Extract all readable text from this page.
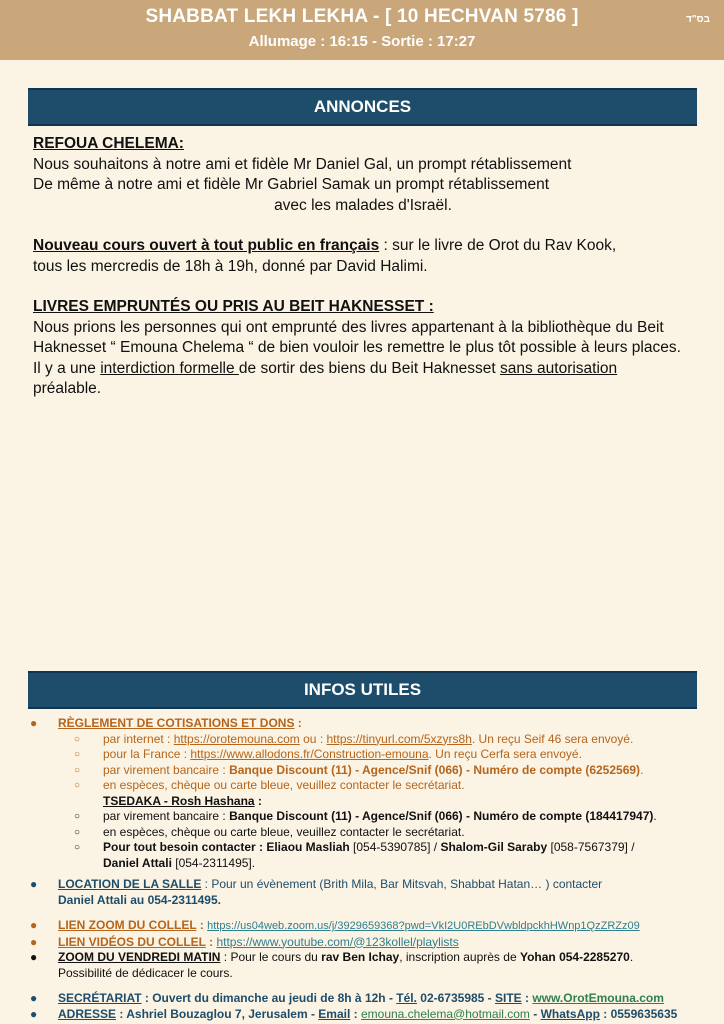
SHABBAT LEKH LEKHA - [ 10 HECHVAN 5786 ]
Allumage : 16:15 - Sortie : 17:27
בס"ד
ANNONCES

REFOUA CHELEMA:

Nous souhaitons à notre ami et fidèle Mr Daniel Gal, un prompt rétablissement

De même à notre ami et fidèle Mr Gabriel Samak un prompt rétablissement

avec les malades d'Israël.

Nouveau cours ouvert à tout public en français : sur le livre de Orot du Rav Kook,

tous les mercredis de 18h à 19h, donné par David Halimi.

LIVRES EMPRUNTÉS OU PRIS AU BEIT HAKNESSET :

Nous prions les personnes qui ont emprunté des livres appartenant à la bibliothèque du Beit Haknesset “ Emouna Chelema “ de bien vouloir les remettre le plus tôt possible à leurs places.

Il y a une interdiction formelle de sortir des biens du Beit Haknesset sans autorisation

préalable.

INFOS UTILES
● RÈGLEMENT DE COTISATIONS ET DONS :
○ par internet : https://orotemouna.com ou : https://tinyurl.com/5xzyrs8h. Un reçu Seif 46 sera envoyé.
○ pour la France : https://www.allodons.fr/Construction-emouna. Un reçu Cerfa sera envoyé.
○ par virement bancaire : Banque Discount (11) - Agence/Snif (066) - Numéro de compte (6252569).
○ en espèces, chèque ou carte bleue, veuillez contacter le secrétariat.
TSEDAKA - Rosh Hashana :
○ par virement bancaire : Banque Discount (11) - Agence/Snif (066) - Numéro de compte (184417947).
○ en espèces, chèque ou carte bleue, veuillez contacter le secrétariat.
○ Pour tout besoin contacter : Eliaou Masliah [054-5390785] / Shalom-Gil Saraby [058-7567379] /
Daniel Attali [054-2311495].
● LOCATION DE LA SALLE : Pour un évènement (Brith Mila, Bar Mitsvah, Shabbat Hatan… ) contacter
Daniel Attali au 054-2311495.
● LIEN ZOOM DU COLLEL : https://us04web.zoom.us/j/3929659368?pwd=VkI2U0REbDVwbldpckhHWnp1QzZRZz09
● LIEN VIDÉOS DU COLLEL : https://www.youtube.com/@123kollel/playlists
● ZOOM DU VENDREDI MATIN : Pour le cours du rav Ben Ichay, inscription auprès de Yohan 054-2285270.
Possibilité de dédicacer le cours.
● SECRÉTARIAT : Ouvert du dimanche au jeudi de 8h à 12h - Tél. 02-6735985 - SITE : www.OrotEmouna.com
● ADRESSE : Ashriel Bouzaglou 7, Jerusalem - Email : emouna.chelema@hotmail.com - WhatsApp : 0559635635
